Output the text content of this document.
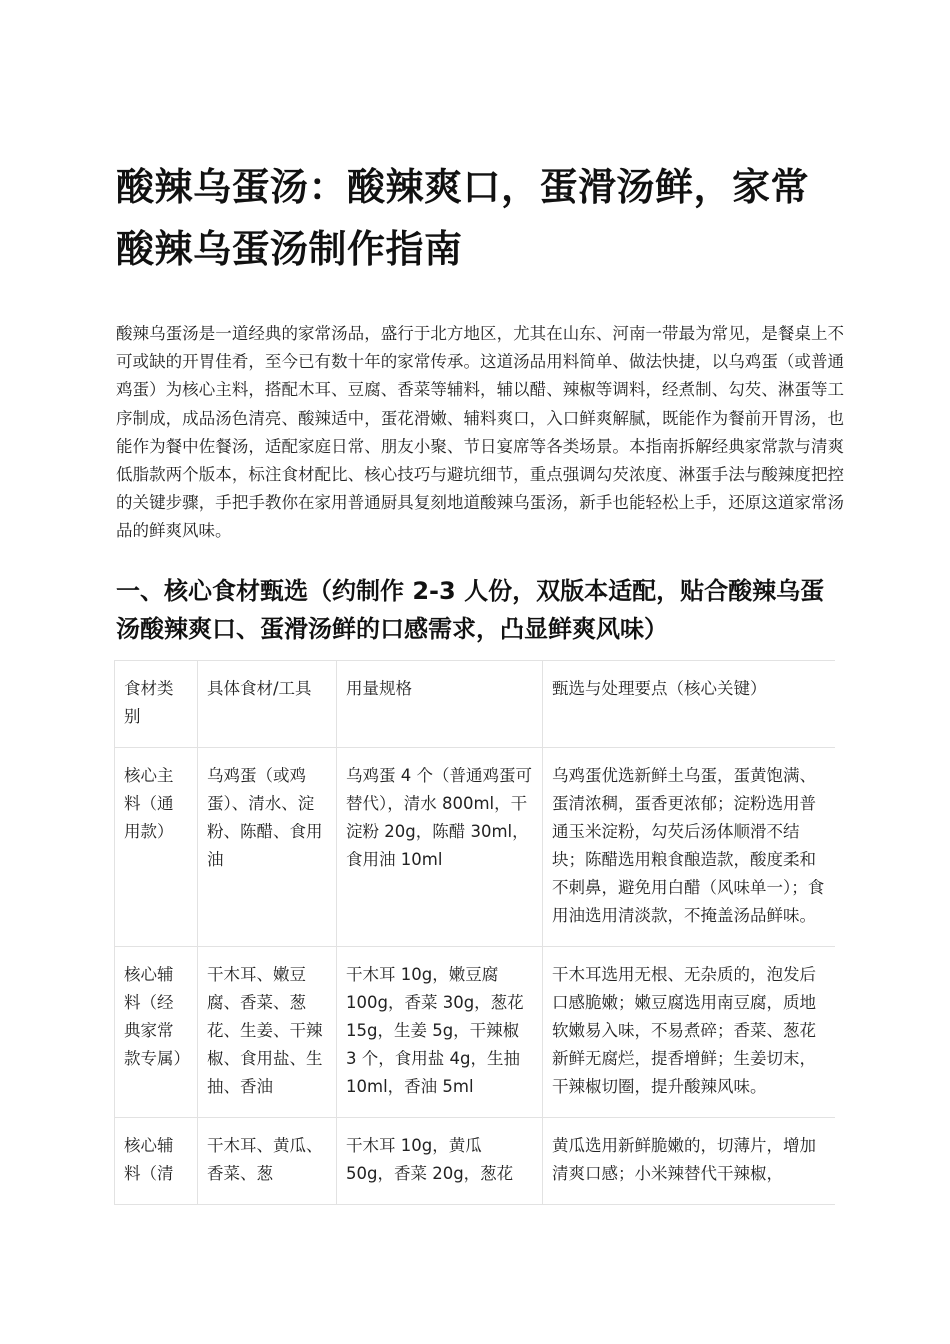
酸辣乌蛋汤：酸辣爽口，蛋滑汤鲜，家常酸辣乌蛋汤制作指南

酸辣乌蛋汤是一道经典的家常汤品，盛行于北方地区，尤其在山东、河南一带最为常见，是餐桌上不可或缺的开胃佳肴，至今已有数十年的家常传承。这道汤品用料简单、做法快捷，以乌鸡蛋（或普通鸡蛋）为核心主料，搭配木耳、豆腐、香菜等辅料，辅以醋、辣椒等调料，经煮制、勾芡、淋蛋等工序制成，成品汤色清亮、酸辣适中，蛋花滑嫩、辅料爽口，入口鲜爽解腻，既能作为餐前开胃汤，也能作为餐中佐餐汤，适配家庭日常、朋友小聚、节日宴席等各类场景。本指南拆解经典家常款与清爽低脂款两个版本，标注食材配比、核心技巧与避坑细节，重点强调勾芡浓度、淋蛋手法与酸辣度把控的关键步骤，手把手教你在家用普通厨具复刻地道酸辣乌蛋汤，新手也能轻松上手，还原这道家常汤品的鲜爽风味。

一、核心食材甄选（约制作 2-3 人份，双版本适配，贴合酸辣乌蛋汤酸辣爽口、蛋滑汤鲜的口感需求，凸显鲜爽风味）
食材类别	具体食材/工具	用量规格	甄选与处理要点（核心关键）
核心主料（通用款）	乌鸡蛋（或鸡蛋）、清水、淀粉、陈醋、食用油	乌鸡蛋 4 个（普通鸡蛋可替代），清水 800ml，干淀粉 20g，陈醋 30ml，食用油 10ml	乌鸡蛋优选新鲜土乌蛋，蛋黄饱满、蛋清浓稠，蛋香更浓郁；淀粉选用普通玉米淀粉，勾芡后汤体顺滑不结块；陈醋选用粮食酿造款，酸度柔和不刺鼻，避免用白醋（风味单一）；食用油选用清淡款，不掩盖汤品鲜味。
核心辅料（经典家常款专属）	干木耳、嫩豆腐、香菜、葱花、生姜、干辣椒、食用盐、生抽、香油	干木耳 10g，嫩豆腐 100g，香菜 30g，葱花 15g，生姜 5g，干辣椒 3 个，食用盐 4g，生抽 10ml，香油 5ml	干木耳选用无根、无杂质的，泡发后口感脆嫩；嫩豆腐选用南豆腐，质地软嫩易入味，不易煮碎；香菜、葱花新鲜无腐烂，提香增鲜；生姜切末，干辣椒切圈，提升酸辣风味。
核心辅料（清	干木耳、黄瓜、香菜、葱	干木耳 10g，黄瓜 50g，香菜 20g，葱花	黄瓜选用新鲜脆嫩的，切薄片，增加清爽口感；小米辣替代干辣椒，
